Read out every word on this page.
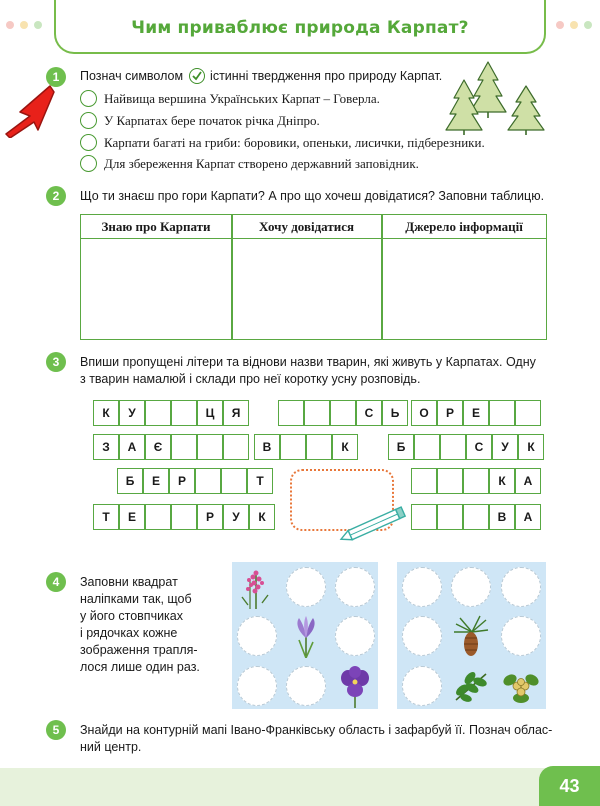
Чим приваблює природа Карпат?
1	Познач символом істинні твердження про природу Карпат.
Найвища вершина Українських Карпат – Говерла.
У Карпатах бере початок річка Дніпро.
Карпати багаті на гриби: боровики, опеньки, лисички, підберезники.
Для збереження Карпат створено державний заповідник.
2	Що ти знаєш про гори Карпати? А про що хочеш довідатися? Заповни таблицю.
Знаю про Карпати	Хочу довідатися	Джерело інформації
3	Впиши пропущені літери та віднови назви тварин, які живуть у Карпатах. Одну
з тварин намалюй і склади про неї коротку усну розповідь.
К	У	Ц	Я
З	А	Є
Б	Е	Р	Т
Т	Е	Р	У	К
С	Ь
В	К
О	Р	Е
Б	С	У	К
К	А
В	А
4	Заповни квадрат
наліпками так, щоб
у його стовпчиках
і рядочках кожне
зображення трапля-
лося лише один раз.
5	Знайди на контурній мапі Івано-Франківську область і зафарбуй її. Познач облас-
ний центр.
43
